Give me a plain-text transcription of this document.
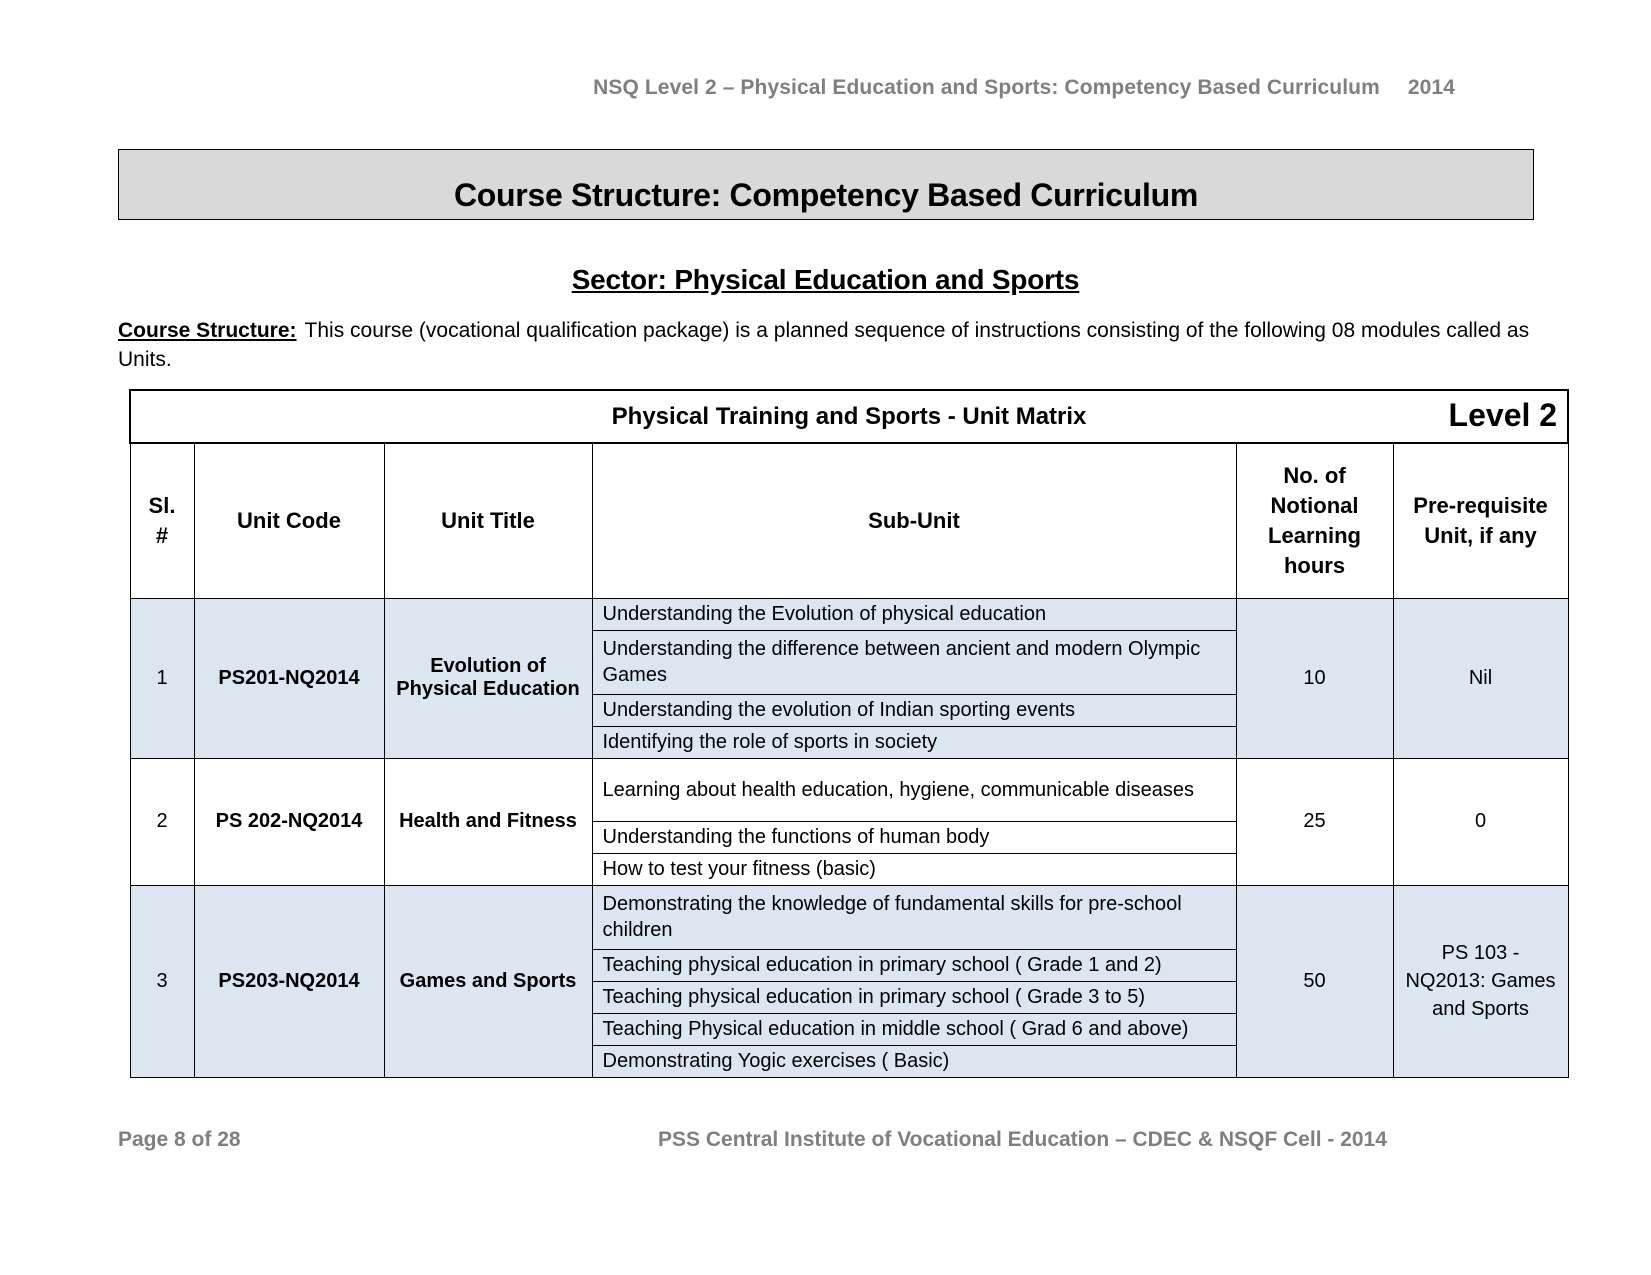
NSQ Level 2 – Physical Education and Sports: Competency Based Curriculum 2014
Course Structure: Competency Based Curriculum
Sector: Physical Education and Sports
Course Structure: This course (vocational qualification package) is a planned sequence of instructions consisting of the following 08 modules called as Units.
Physical Training and Sports - Unit Matrix Level 2					

Sl. #	Unit Code	Unit Title	Sub-Unit	No. of Notional Learning hours	Pre-requisite Unit, if any
1	PS201-NQ2014	Evolution of Physical Education	Understanding the Evolution of physical education	10	Nil
			Understanding the difference between ancient and modern Olympic Games		
			Understanding the evolution of Indian sporting events		
			Identifying the role of sports in society		
2	PS 202-NQ2014	Health and Fitness	Learning about health education, hygiene, communicable diseases	25	0
			Understanding the functions of human body		
			How to test your fitness (basic)		
3	PS203-NQ2014	Games and Sports	Demonstrating the knowledge of fundamental skills for pre-school children	50	PS 103 - NQ2013: Games and Sports
			Teaching physical education in primary school ( Grade 1 and 2)		
			Teaching physical education in primary school ( Grade 3 to 5)		
			Teaching Physical education in middle school ( Grad 6 and above)		
			Demonstrating Yogic exercises ( Basic)		
Page 8 of 28	PSS Central Institute of Vocational Education – CDEC & NSQF Cell - 2014
